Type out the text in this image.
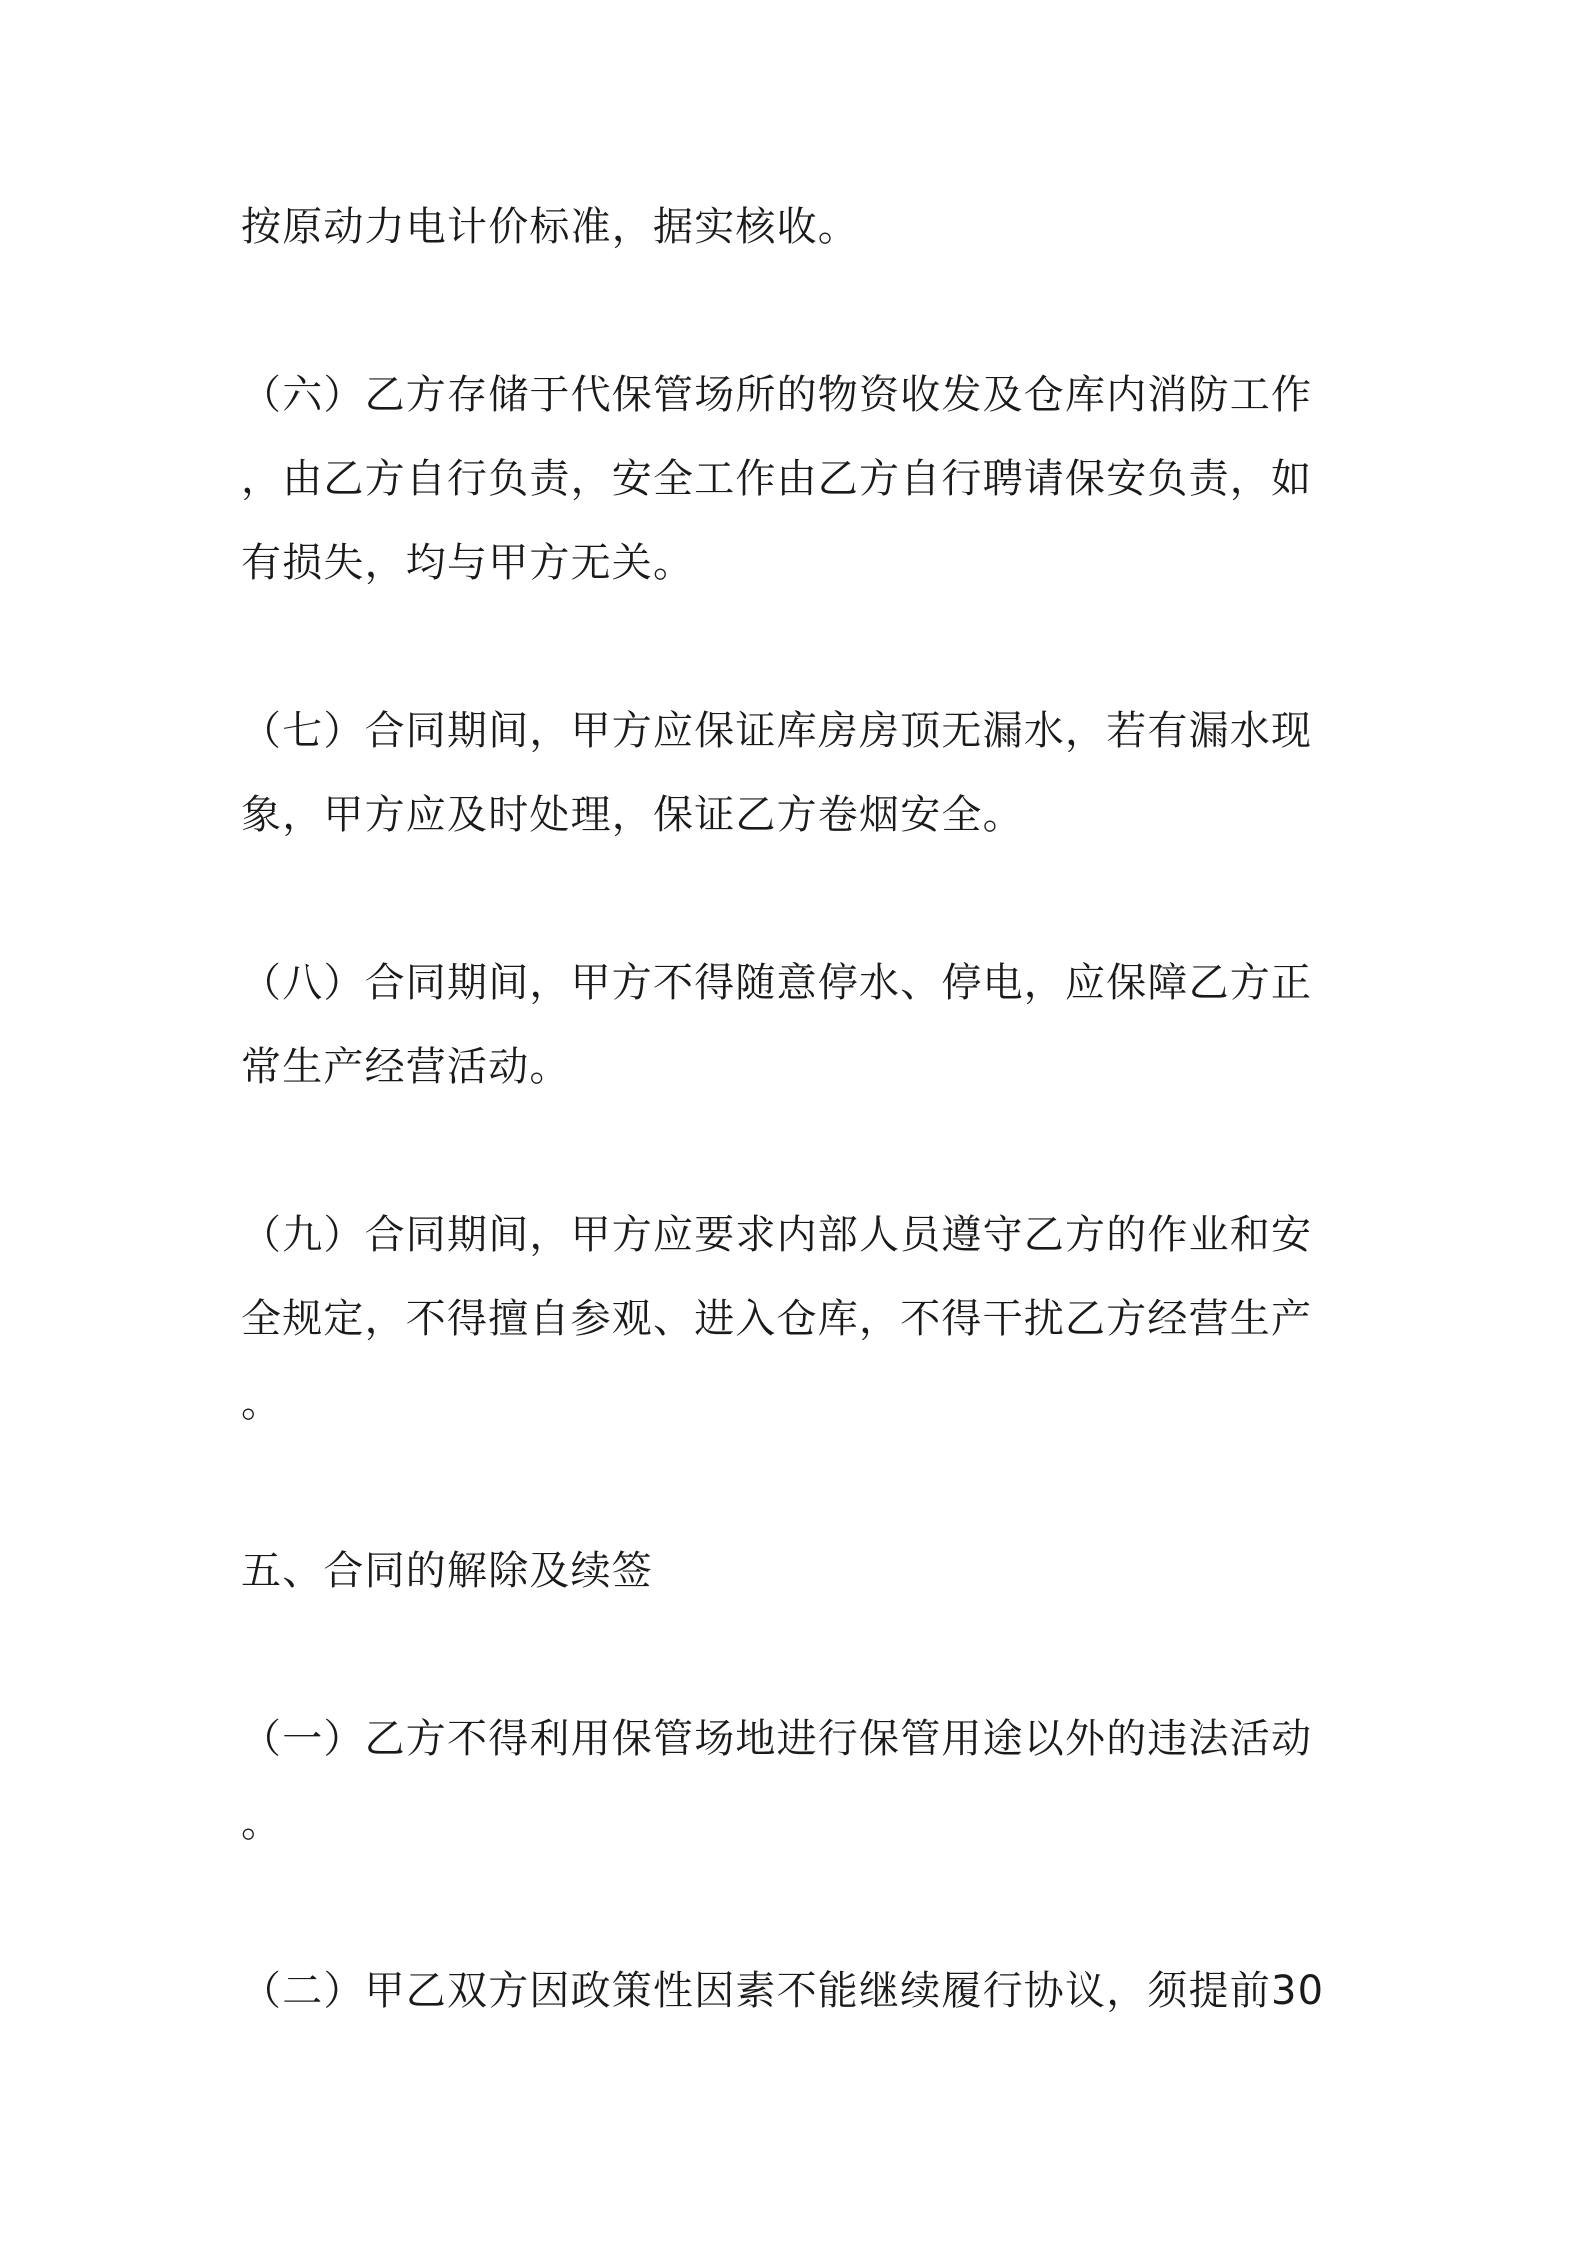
按原动力电计价标准，据实核收。
（六）乙方存储于代保管场所的物资收发及仓库内消防工作
，由乙方自行负责，安全工作由乙方自行聘请保安负责，如
有损失，均与甲方无关。
（七）合同期间，甲方应保证库房房顶无漏水，若有漏水现
象，甲方应及时处理，保证乙方卷烟安全。
（八）合同期间，甲方不得随意停水、停电，应保障乙方正
常生产经营活动。
（九）合同期间，甲方应要求内部人员遵守乙方的作业和安
全规定，不得擅自参观、进入仓库，不得干扰乙方经营生产
。
五、合同的解除及续签
（一）乙方不得利用保管场地进行保管用途以外的违法活动
。
（二）甲乙双方因政策性因素不能继续履行协议，须提前30
